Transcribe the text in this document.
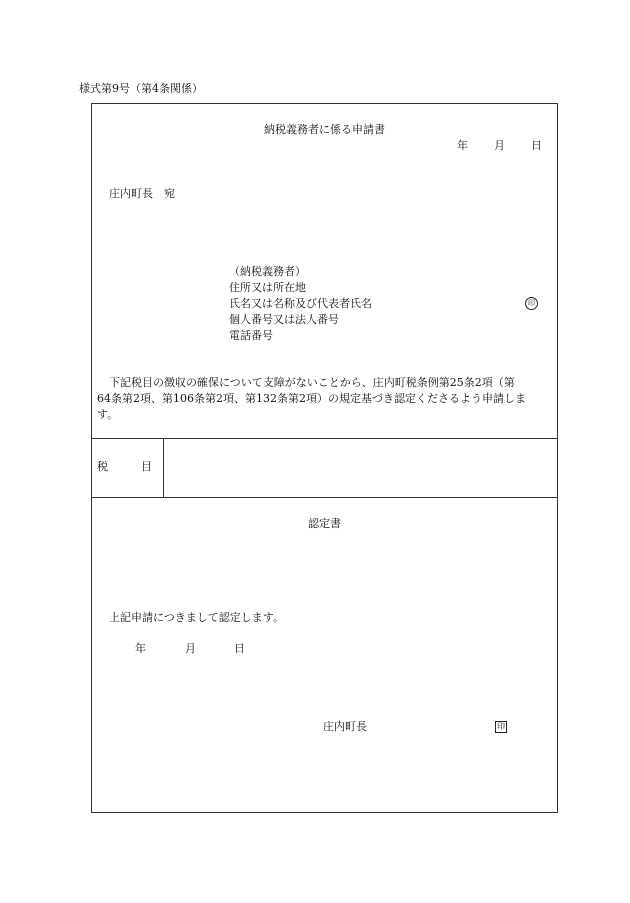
様式第9号（第4条関係）
納税義務者に係る申請書
年 月 日
庄内町長　宛
（納税義務者）
住所又は所在地
氏名又は名称及び代表者氏名
個人番号又は法人番号
電話番号
印
下記税目の徴収の確保について支障がないことから、庄内町税条例第25条2項（第
64条第2項、第106条第2項、第132条第2項）の規定基づき認定くださるよう申請しま
す。
税　　　目
認定書
上記申請につきまして認定します。
年	月	日
庄内町長	印
